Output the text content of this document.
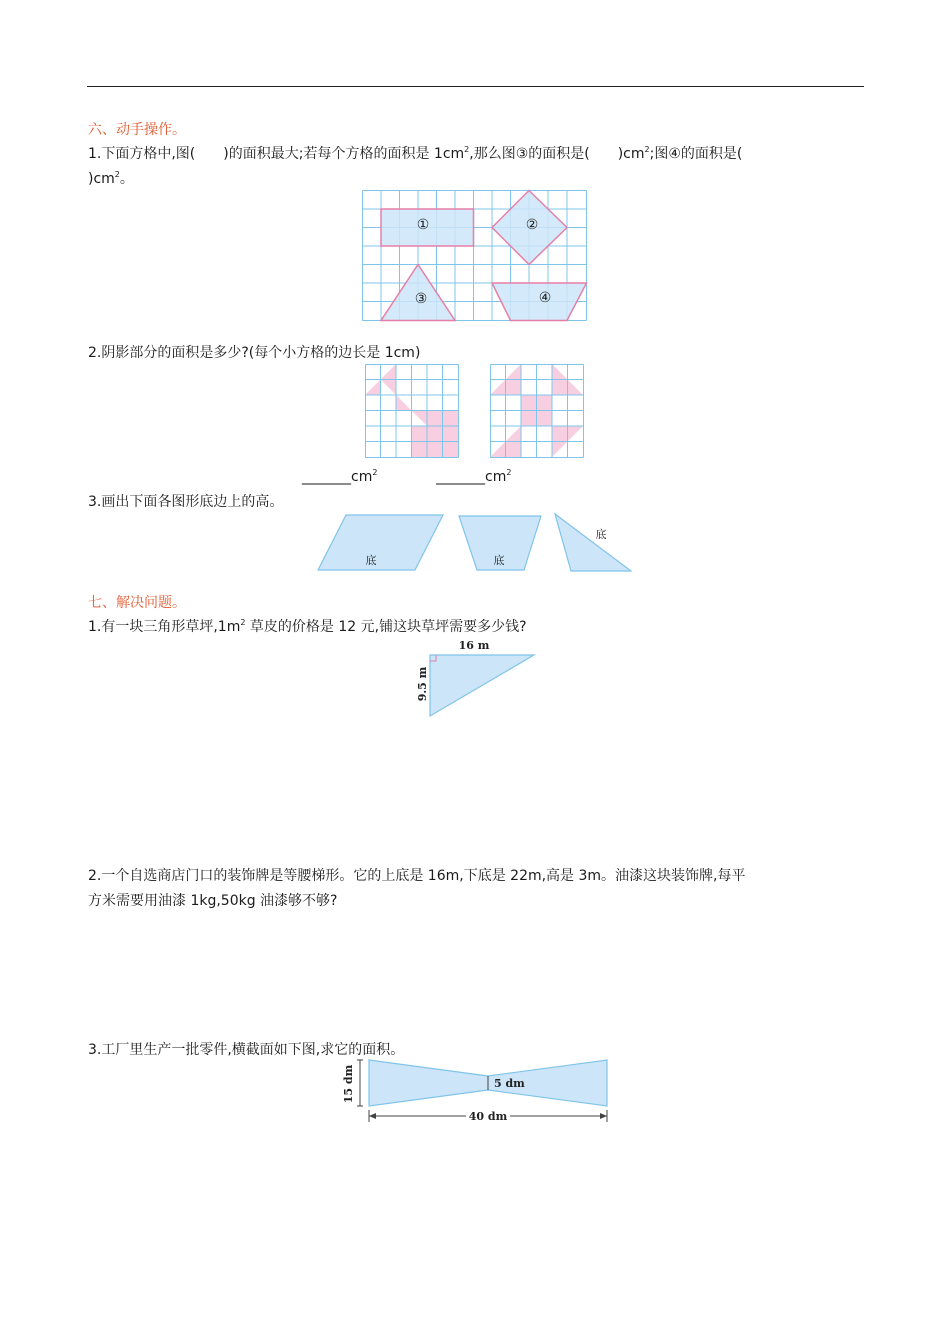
六、动手操作。
1.下面方格中,图( )的面积最大;若每个方格的面积是 $1cm^2$,那么图③的面积是( )$cm^2$;图④的面积是(
)$cm^2$。
①	②
③	④
2.阴影部分的面积是多少?(每个小方格的边长是 1cm)
$\_\_\_\_\_\_\_cm^2$	$\_\_\_\_\_\_\_cm^2$
3.画出下面各图形底边上的高。
底	底
底
七、解决问题。
1.有一块三角形草坪$,1m^2$ 草皮的价格是 12 元,铺这块草坪需要多少钱?
16 m
9.5 m
2.一个自选商店门口的装饰牌是等腰梯形。它的上底是 16m,下底是 22m,高是 3m。油漆这块装饰牌,每平
方米需要用油漆 1kg,50kg 油漆够不够?
3.工厂里生产一批零件,横截面如下图,求它的面积。
15 dm	5 dm
40 dm
